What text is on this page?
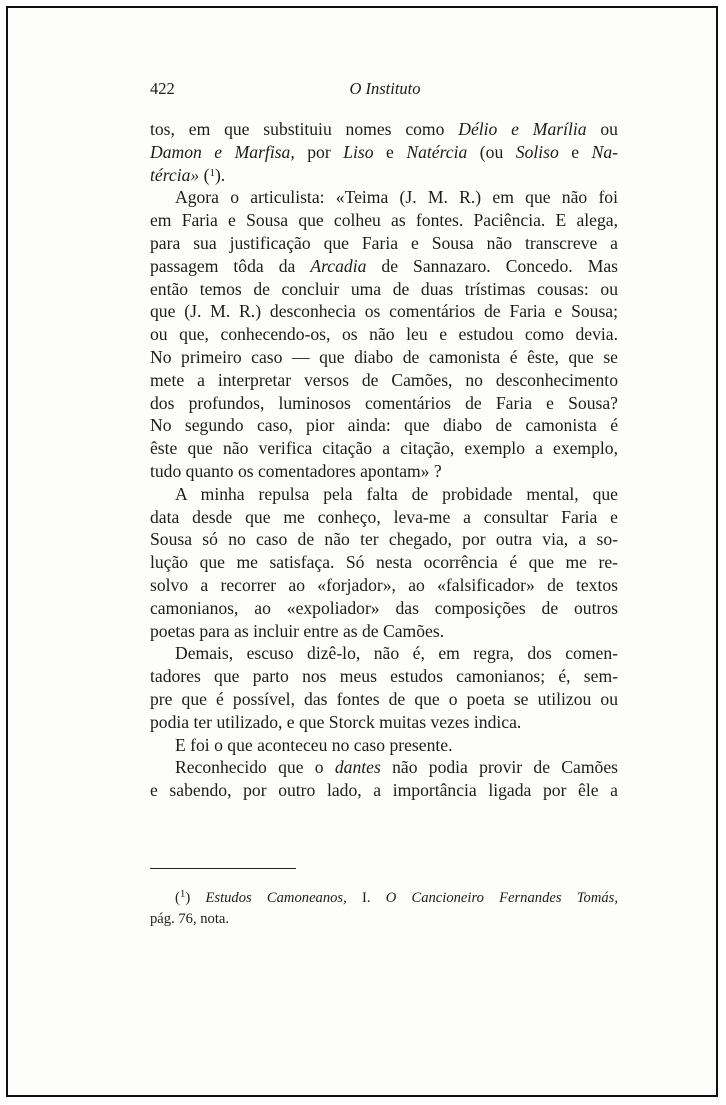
422	O Instituto

tos, em que substituiu nomes como Délio e Marília ou
Damon e Marfisa, por Liso e Natércia (ou Soliso e Na-
tércia» ($^1$).

Agora o articulista: «Teima (J. M. R.) em que não foi
em Faria e Sousa que colheu as fontes. Paciência. E alega,
para sua justificação que Faria e Sousa não transcreve a
passagem tôda da Arcadia de Sannazaro. Concedo. Mas
então temos de concluir uma de duas trístimas cousas: ou
que (J. M. R.) desconhecia os comentários de Faria e Sousa;
ou que, conhecendo-os, os não leu e estudou como devia.
No primeiro caso — que diabo de camonista é êste, que se
mete a interpretar versos de Camões, no desconhecimento
dos profundos, luminosos comentários de Faria e Sousa?
No segundo caso, pior ainda: que diabo de camonista é
êste que não verifica citação a citação, exemplo a exemplo,
tudo quanto os comentadores apontam» ?

A minha repulsa pela falta de probidade mental, que
data desde que me conheço, leva-me a consultar Faria e
Sousa só no caso de não ter chegado, por outra via, a so-
lução que me satisfaça. Só nesta ocorrência é que me re-
solvo a recorrer ao «forjador», ao «falsificador» de textos
camonianos, ao «expoliador» das composições de outros
poetas para as incluir entre as de Camões.

Demais, escuso dizê-lo, não é, em regra, dos comen-
tadores que parto nos meus estudos camonianos; é, sem-
pre que é possível, das fontes de que o poeta se utilizou ou
podia ter utilizado, e que Storck muitas vezes indica.

E foi o que aconteceu no caso presente.

Reconhecido que o dantes não podia provir de Camões
e sabendo, por outro lado, a importância ligada por êle a

($^1$) Estudos Camoneanos, I. O Cancioneiro Fernandes Tomás,
pág. 76, nota.
